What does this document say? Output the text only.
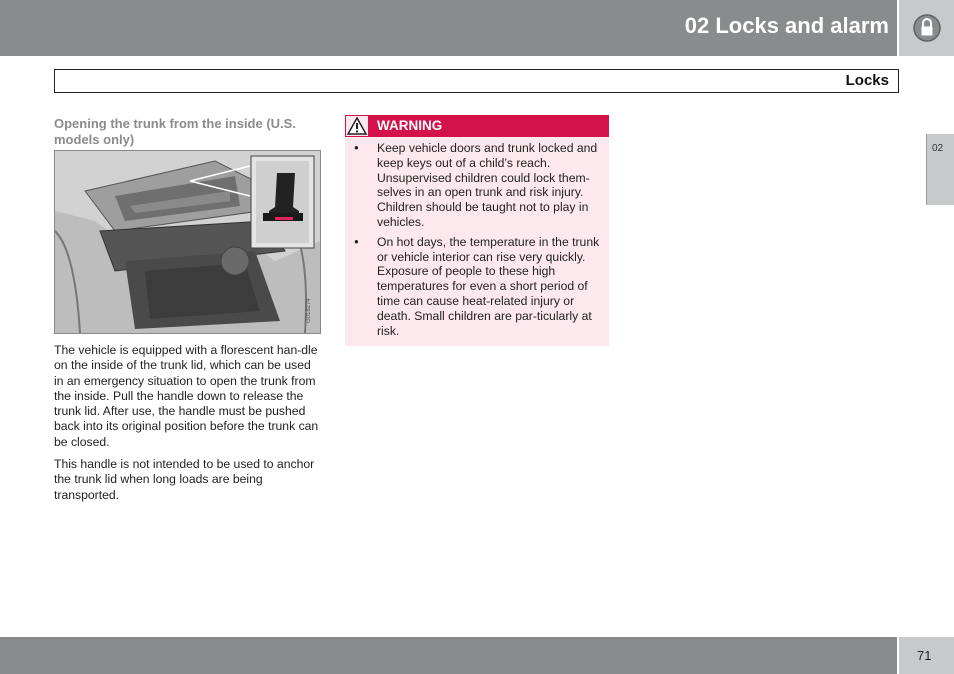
02 Locks and alarm
Locks
02
Opening the trunk from the inside (U.S. models only)
G018274

The vehicle is equipped with a florescent han-dle on the inside of the trunk lid, which can be used in an emergency situation to open the trunk from the inside. Pull the handle down to release the trunk lid. After use, the handle must be pushed back into its original position before the trunk can be closed.

This handle is not intended to be used to anchor the trunk lid when long loads are being transported.

WARNING
● Keep vehicle doors and trunk locked and keep keys out of a child’s reach. Unsupervised children could lock them-selves in an open trunk and risk injury. Children should be taught not to play in vehicles.
● On hot days, the temperature in the trunk or vehicle interior can rise very quickly. Exposure of people to these high temperatures for even a short period of time can cause heat-related injury or death. Small children are par-ticularly at risk.
71
